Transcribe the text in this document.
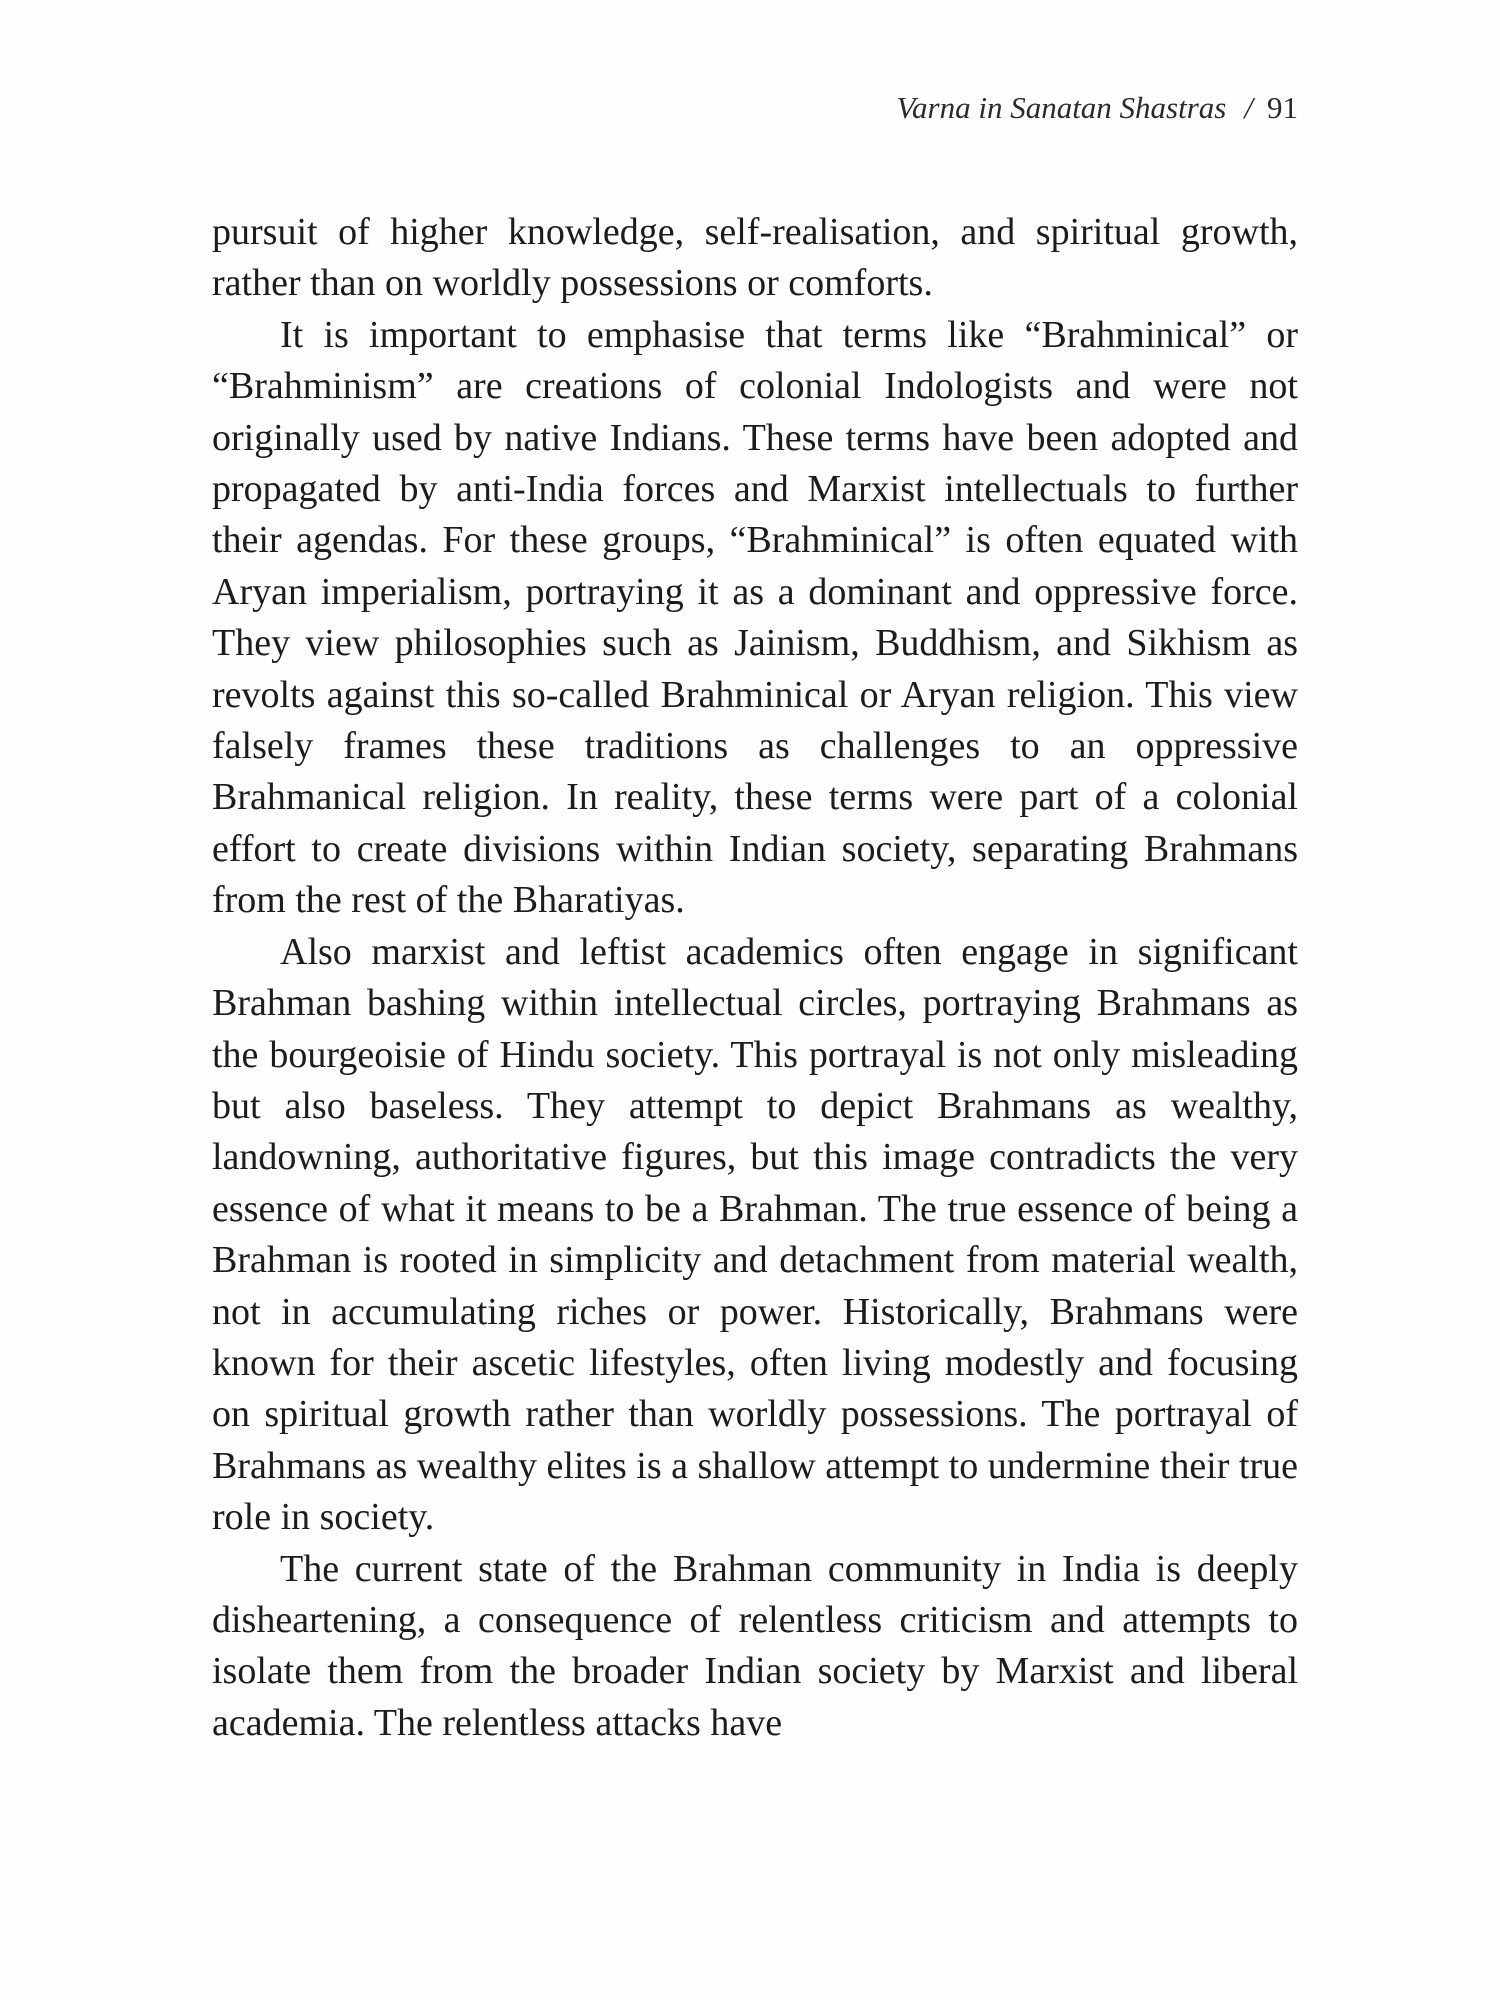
Varna in Sanatan Shastras / 91

pursuit of higher knowledge, self-realisation, and spiritual growth, rather than on worldly possessions or comforts.

It is important to emphasise that terms like “Brahminical” or “Brahminism” are creations of colonial Indologists and were not originally used by native Indians. These terms have been adopted and propagated by anti-India forces and Marxist intellectuals to further their agendas. For these groups, “Brahminical” is often equated with Aryan imperialism, portraying it as a dominant and oppressive force. They view philosophies such as Jainism, Buddhism, and Sikhism as revolts against this so-called Brahminical or Aryan religion. This view falsely frames these traditions as challenges to an oppressive Brahmanical religion. In reality, these terms were part of a colonial effort to create divisions within Indian society, separating Brahmans from the rest of the Bharatiyas.

Also marxist and leftist academics often engage in significant Brahman bashing within intellectual circles, portraying Brahmans as the bourgeoisie of Hindu society. This portrayal is not only misleading but also baseless. They attempt to depict Brahmans as wealthy, landowning, authoritative figures, but this image contradicts the very essence of what it means to be a Brahman. The true essence of being a Brahman is rooted in simplicity and detachment from material wealth, not in accumulating riches or power. Historically, Brahmans were known for their ascetic lifestyles, often living modestly and focusing on spiritual growth rather than worldly possessions. The portrayal of Brahmans as wealthy elites is a shallow attempt to undermine their true role in society.

The current state of the Brahman community in India is deeply disheartening, a consequence of relentless criticism and attempts to isolate them from the broader Indian society by Marxist and liberal academia. The relentless attacks have
